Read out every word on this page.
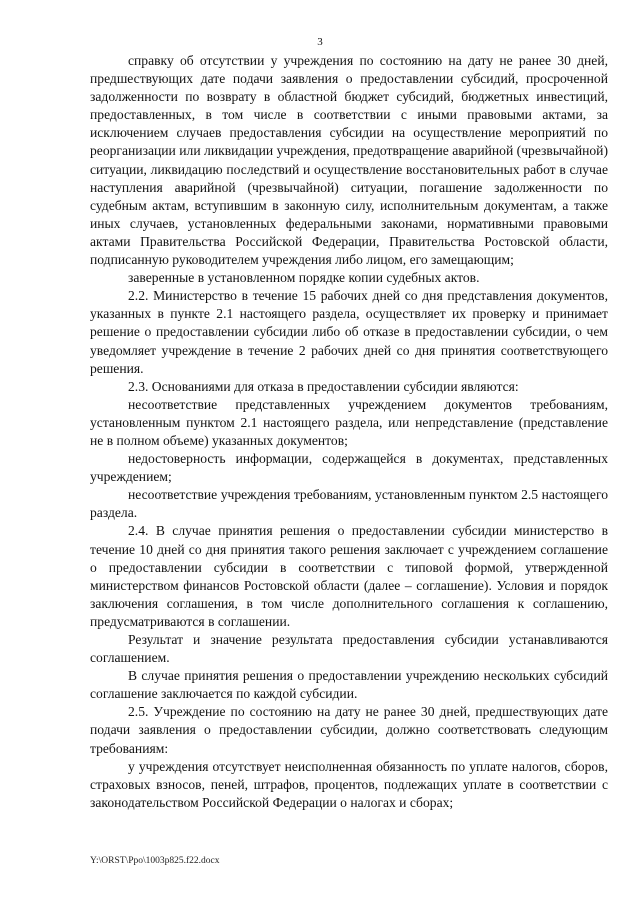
3

справку об отсутствии у учреждения по состоянию на дату не ранее 30 дней, предшествующих дате подачи заявления о предоставлении субсидий, просроченной задолженности по возврату в областной бюджет субсидий, бюджетных инвестиций, предоставленных, в том числе в соответствии с иными правовыми актами, за исключением случаев предоставления субсидии на осуществление мероприятий по реорганизации или ликвидации учреждения, предотвращение аварийной (чрезвычайной) ситуации, ликвидацию последствий и осуществление восстановительных работ в случае наступления аварийной (чрезвычайной) ситуации, погашение задолженности по судебным актам, вступившим в законную силу, исполнительным документам, а также иных случаев, установленных федеральными законами, нормативными правовыми актами Правительства Российской Федерации, Правительства Ростовской области, подписанную руководителем учреждения либо лицом, его замещающим;

заверенные в установленном порядке копии судебных актов.

2.2. Министерство в течение 15 рабочих дней со дня представления документов, указанных в пункте 2.1 настоящего раздела, осуществляет их проверку и принимает решение о предоставлении субсидии либо об отказе в предоставлении субсидии, о чем уведомляет учреждение в течение 2 рабочих дней со дня принятия соответствующего решения.

2.3. Основаниями для отказа в предоставлении субсидии являются:

несоответствие представленных учреждением документов требованиям, установленным пунктом 2.1 настоящего раздела, или непредставление (представление не в полном объеме) указанных документов;

недостоверность информации, содержащейся в документах, представленных учреждением;

несоответствие учреждения требованиям, установленным пунктом 2.5 настоящего раздела.

2.4. В случае принятия решения о предоставлении субсидии министерство в течение 10 дней со дня принятия такого решения заключает с учреждением соглашение о предоставлении субсидии в соответствии с типовой формой, утвержденной министерством финансов Ростовской области (далее – соглашение). Условия и порядок заключения соглашения, в том числе дополнительного соглашения к соглашению, предусматриваются в соглашении.

Результат и значение результата предоставления субсидии устанавливаются соглашением.

В случае принятия решения о предоставлении учреждению нескольких субсидий соглашение заключается по каждой субсидии.

2.5. Учреждение по состоянию на дату не ранее 30 дней, предшествующих дате подачи заявления о предоставлении субсидии, должно соответствовать следующим требованиям:

у учреждения отсутствует неисполненная обязанность по уплате налогов, сборов, страховых взносов, пеней, штрафов, процентов, подлежащих уплате в соответствии с законодательством Российской Федерации о налогах и сборах;

Y:\ORST\Ppo\1003p825.f22.docx
